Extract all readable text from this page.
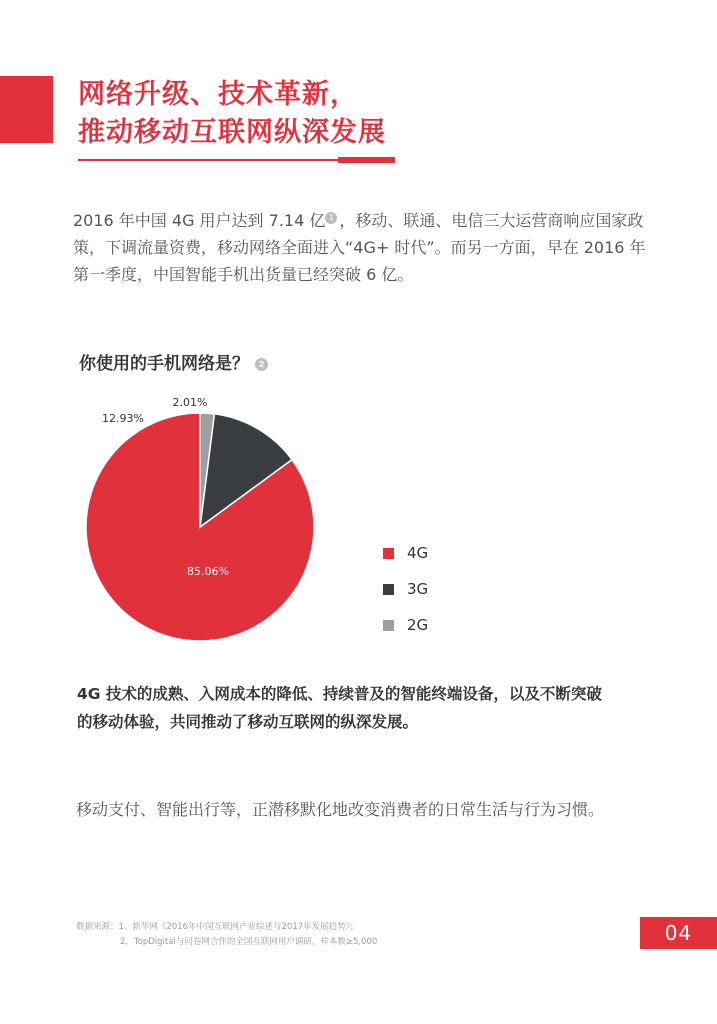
网络升级、技术革新，
推动移动互联网纵深发展
2016 年中国 4G 用户达到 7.14 亿 1 ，移动、联通、电信三大运营商响应国家政策，下调流量资费，移动网络全面进入“4G+ 时代”。而另一方面，早在 2016 年第一季度，中国智能手机出货量已经突破 6 亿。
你使用的手机网络是？ 2
85.06%
12.93%
2.01%
4G
3G
2G
4G 技术的成熟、入网成本的降低、持续普及的智能终端设备，以及不断突破
的移动体验，共同推动了移动互联网的纵深发展。
移动支付、智能出行等，正潜移默化地改变消费者的日常生活与行为习惯。
数据来源：1、新华网《2016年中国互联网产业综述与2017年发展趋势》；
2、TopDigital与问卷网合作的全国互联网用户调研，样本数≥5,000	04
